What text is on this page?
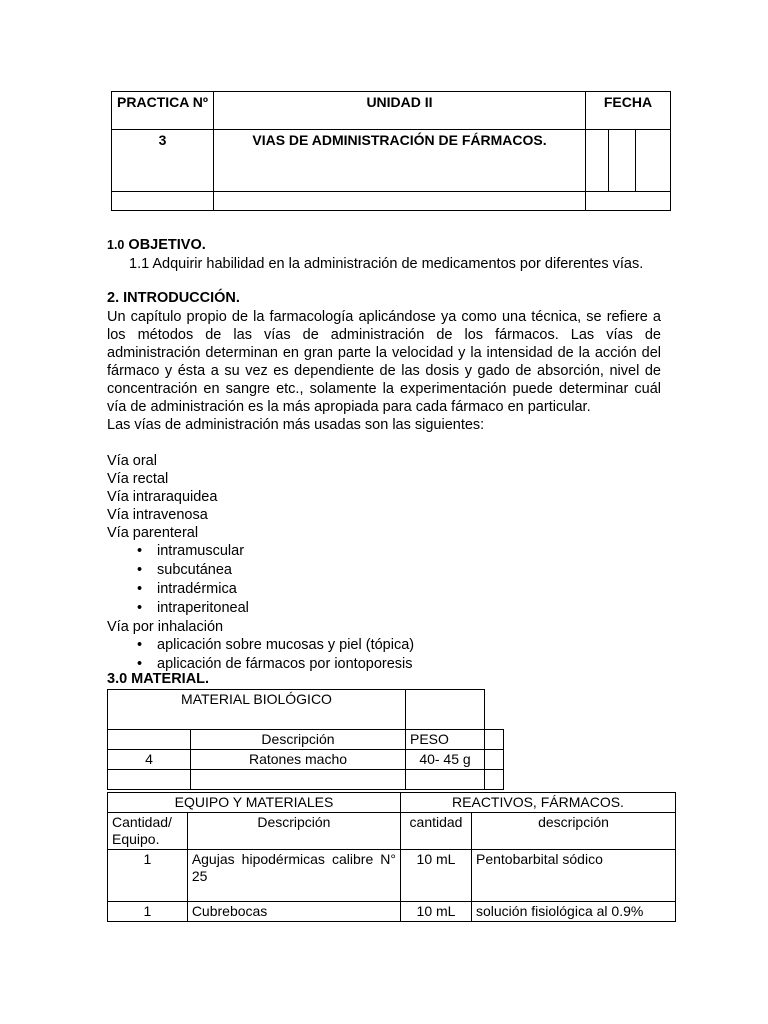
PRACTICA Nº	UNIDAD II	FECHA		
3	VIAS DE ADMINISTRACIÓN DE FÁRMACOS.			

1.0 OBJETIVO.
1.1 Adquirir habilidad en la administración de medicamentos por diferentes vías.
2. INTRODUCCIÓN.
Un capítulo propio de la farmacología aplicándose ya como una técnica, se refiere a los métodos de las vías de administración de los fármacos. Las vías de administración determinan en gran parte la velocidad y la intensidad de la acción del fármaco y ésta a su vez es dependiente de las dosis y gado de absorción, nivel de concentración en sangre etc., solamente la experimentación puede determinar cuál vía de administración es la más apropiada para cada fármaco en particular.
Las vías de administración más usadas son las siguientes:
Vía oral
Vía rectal
Vía intraraquidea
Vía intravenosa
Vía parenteral
• intramuscular
• subcutánea
• intradérmica
• intraperitoneal
Vía por inhalación
• aplicación sobre mucosas y piel (tópica)
• aplicación de fármacos por iontoporesis
3.0 MATERIAL.
MATERIAL BIOLÓGICO			
	Descripción	PESO	
4	Ratones macho	40- 45 g	

EQUIPO Y MATERIALES		REACTIVOS, FÁRMACOS.	
Cantidad/ Equipo.	Descripción	cantidad	descripción
1	Agujas hipodérmicas calibre N° 25	10 mL	Pentobarbital sódico
1	Cubrebocas	10 mL	solución fisiológica al 0.9%
